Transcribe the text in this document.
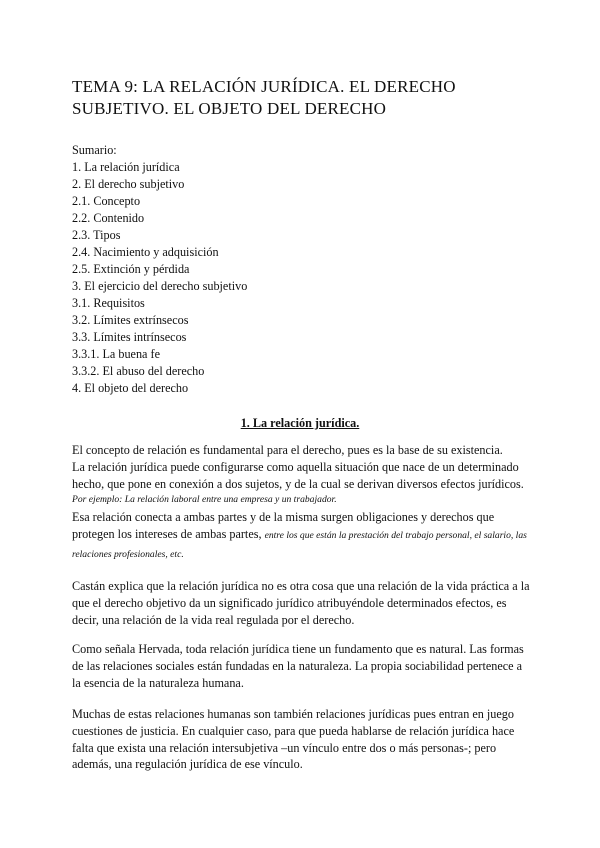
TEMA 9: LA RELACIÓN JURÍDICA. EL DERECHO SUBJETIVO. EL OBJETO DEL DERECHO
Sumario:
1. La relación jurídica
2. El derecho subjetivo
2.1. Concepto
2.2. Contenido
2.3. Tipos
2.4. Nacimiento y adquisición
2.5. Extinción y pérdida
3. El ejercicio del derecho subjetivo
3.1. Requisitos
3.2. Límites extrínsecos
3.3. Límites intrínsecos
3.3.1. La buena fe
3.3.2. El abuso del derecho
4. El objeto del derecho
1. La relación jurídica.

El concepto de relación es fundamental para el derecho, pues es la base de su existencia.

La relación jurídica puede configurarse como aquella situación que nace de un determinado hecho, que pone en conexión a dos sujetos, y de la cual se derivan diversos efectos jurídicos.

Por ejemplo: La relación laboral entre una empresa y un trabajador.

Esa relación conecta a ambas partes y de la misma surgen obligaciones y derechos que protegen los intereses de ambas partes, entre los que están la prestación del trabajo personal, el salario, las relaciones profesionales, etc.

Castán explica que la relación jurídica no es otra cosa que una relación de la vida práctica a la que el derecho objetivo da un significado jurídico atribuyéndole determinados efectos, es decir, una relación de la vida real regulada por el derecho.

Como señala Hervada, toda relación jurídica tiene un fundamento que es natural. Las formas de las relaciones sociales están fundadas en la naturaleza. La propia sociabilidad pertenece a la esencia de la naturaleza humana.

Muchas de estas relaciones humanas son también relaciones jurídicas pues entran en juego cuestiones de justicia. En cualquier caso, para que pueda hablarse de relación jurídica hace falta que exista una relación intersubjetiva –un vínculo entre dos o más personas-; pero además, una regulación jurídica de ese vínculo.
